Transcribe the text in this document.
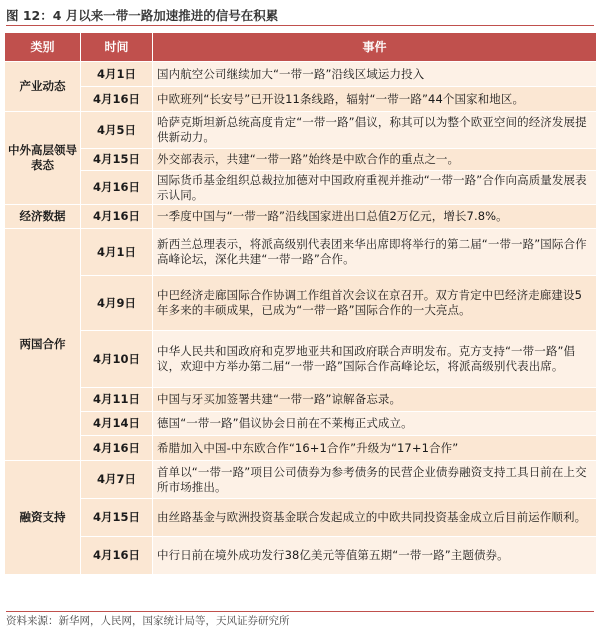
图 12：4 月以来一带一路加速推进的信号在积累
类别	时间	事件
产业动态	4月1日	国内航空公司继续加大“一带一路”沿线区域运力投入
	4月16日	中欧班列“长安号”已开设11条线路，辐射“一带一路”44个国家和地区。
中外高层领导表态	4月5日	哈萨克斯坦新总统高度肯定“一带一路”倡议，称其可以为整个欧亚空间的经济发展提供新动力。
	4月15日	外交部表示，共建“一带一路”始终是中欧合作的重点之一。
	4月16日	国际货币基金组织总裁拉加德对中国政府重视并推动“一带一路”合作向高质量发展表示认同。
经济数据	4月16日	一季度中国与“一带一路”沿线国家进出口总值2万亿元，增长7.8%。
两国合作	4月1日	新西兰总理表示，将派高级别代表团来华出席即将举行的第二届“一带一路”国际合作高峰论坛，深化共建“一带一路”合作。
	4月9日	中巴经济走廊国际合作协调工作组首次会议在京召开。双方肯定中巴经济走廊建设5年多来的丰硕成果，已成为“一带一路”国际合作的一大亮点。
	4月10日	中华人民共和国政府和克罗地亚共和国政府联合声明发布。克方支持“一带一路”倡议，欢迎中方举办第二届“一带一路”国际合作高峰论坛，将派高级别代表出席。
	4月11日	中国与牙买加签署共建“一带一路”谅解备忘录。
	4月14日	德国“一带一路”倡议协会日前在不莱梅正式成立。
	4月16日	希腊加入中国-中东欧合作“16+1合作”升级为“17+1合作”
融资支持	4月7日	首单以“一带一路”项目公司债券为参考债务的民营企业债券融资支持工具日前在上交所市场推出。
	4月15日	由丝路基金与欧洲投资基金联合发起成立的中欧共同投资基金成立后目前运作顺利。
	4月16日	中行日前在境外成功发行38亿美元等值第五期“一带一路”主题债券。
资料来源：新华网，人民网，国家统计局等，天风证券研究所
